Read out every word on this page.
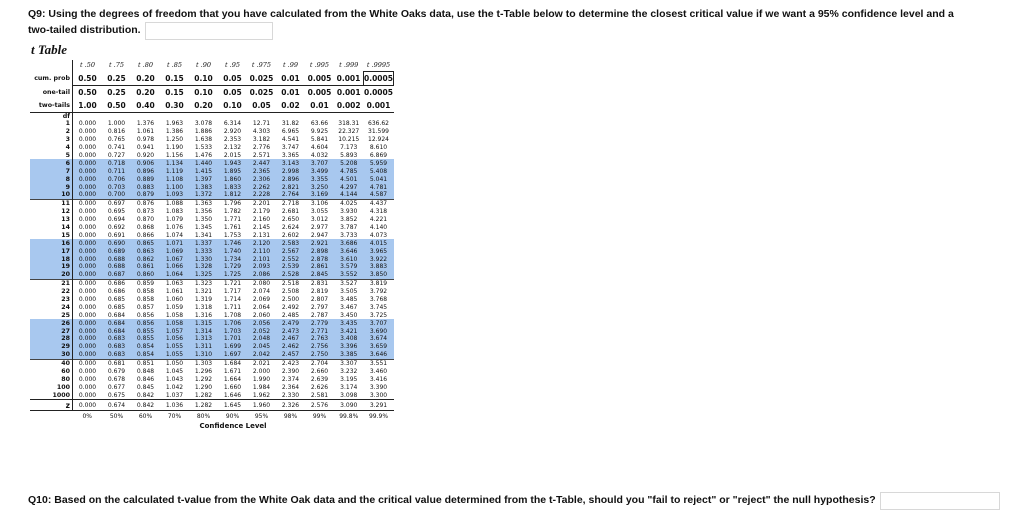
Q9: Using the degrees of freedom that you have calculated from the White Oaks data, use the t-Table below to determine the closest critical value if we want a 95% confidence level and a
two-tailed distribution.
t Table
	t .50	t .75	t .80	t .85	t .90	t .95	t .975	t .99	t .995	t .999	t .9995
cum. prob	0.50	0.25	0.20	0.15	0.10	0.05	0.025	0.01	0.005	0.001	0.0005
one-tail	0.50	0.25	0.20	0.15	0.10	0.05	0.025	0.01	0.005	0.001	0.0005
two-tails	1.00	0.50	0.40	0.30	0.20	0.10	0.05	0.02	0.01	0.002	0.001
df											
1	0.000	1.000	1.376	1.963	3.078	6.314	12.71	31.82	63.66	318.31	636.62
2	0.000	0.816	1.061	1.386	1.886	2.920	4.303	6.965	9.925	22.327	31.599
3	0.000	0.765	0.978	1.250	1.638	2.353	3.182	4.541	5.841	10.215	12.924
4	0.000	0.741	0.941	1.190	1.533	2.132	2.776	3.747	4.604	7.173	8.610
5	0.000	0.727	0.920	1.156	1.476	2.015	2.571	3.365	4.032	5.893	6.869
6	0.000	0.718	0.906	1.134	1.440	1.943	2.447	3.143	3.707	5.208	5.959
7	0.000	0.711	0.896	1.119	1.415	1.895	2.365	2.998	3.499	4.785	5.408
8	0.000	0.706	0.889	1.108	1.397	1.860	2.306	2.896	3.355	4.501	5.041
9	0.000	0.703	0.883	1.100	1.383	1.833	2.262	2.821	3.250	4.297	4.781
10	0.000	0.700	0.879	1.093	1.372	1.812	2.228	2.764	3.169	4.144	4.587
11	0.000	0.697	0.876	1.088	1.363	1.796	2.201	2.718	3.106	4.025	4.437
12	0.000	0.695	0.873	1.083	1.356	1.782	2.179	2.681	3.055	3.930	4.318
13	0.000	0.694	0.870	1.079	1.350	1.771	2.160	2.650	3.012	3.852	4.221
14	0.000	0.692	0.868	1.076	1.345	1.761	2.145	2.624	2.977	3.787	4.140
15	0.000	0.691	0.866	1.074	1.341	1.753	2.131	2.602	2.947	3.733	4.073
16	0.000	0.690	0.865	1.071	1.337	1.746	2.120	2.583	2.921	3.686	4.015
17	0.000	0.689	0.863	1.069	1.333	1.740	2.110	2.567	2.898	3.646	3.965
18	0.000	0.688	0.862	1.067	1.330	1.734	2.101	2.552	2.878	3.610	3.922
19	0.000	0.688	0.861	1.066	1.328	1.729	2.093	2.539	2.861	3.579	3.883
20	0.000	0.687	0.860	1.064	1.325	1.725	2.086	2.528	2.845	3.552	3.850
21	0.000	0.686	0.859	1.063	1.323	1.721	2.080	2.518	2.831	3.527	3.819
22	0.000	0.686	0.858	1.061	1.321	1.717	2.074	2.508	2.819	3.505	3.792
23	0.000	0.685	0.858	1.060	1.319	1.714	2.069	2.500	2.807	3.485	3.768
24	0.000	0.685	0.857	1.059	1.318	1.711	2.064	2.492	2.797	3.467	3.745
25	0.000	0.684	0.856	1.058	1.316	1.708	2.060	2.485	2.787	3.450	3.725
26	0.000	0.684	0.856	1.058	1.315	1.706	2.056	2.479	2.779	3.435	3.707
27	0.000	0.684	0.855	1.057	1.314	1.703	2.052	2.473	2.771	3.421	3.690
28	0.000	0.683	0.855	1.056	1.313	1.701	2.048	2.467	2.763	3.408	3.674
29	0.000	0.683	0.854	1.055	1.311	1.699	2.045	2.462	2.756	3.396	3.659
30	0.000	0.683	0.854	1.055	1.310	1.697	2.042	2.457	2.750	3.385	3.646
40	0.000	0.681	0.851	1.050	1.303	1.684	2.021	2.423	2.704	3.307	3.551
60	0.000	0.679	0.848	1.045	1.296	1.671	2.000	2.390	2.660	3.232	3.460
80	0.000	0.678	0.846	1.043	1.292	1.664	1.990	2.374	2.639	3.195	3.416
100	0.000	0.677	0.845	1.042	1.290	1.660	1.984	2.364	2.626	3.174	3.390
1000	0.000	0.675	0.842	1.037	1.282	1.646	1.962	2.330	2.581	3.098	3.300
z	0.000	0.674	0.842	1.036	1.282	1.645	1.960	2.326	2.576	3.090	3.291
	0%	50%	60%	70%	80%	90%	95%	98%	99%	99.8%	99.9%
	Confidence Level										
Q10: Based on the calculated t-value from the White Oak data and the critical value determined from the t-Table, should you "fail to reject" or "reject" the null hypothesis?
